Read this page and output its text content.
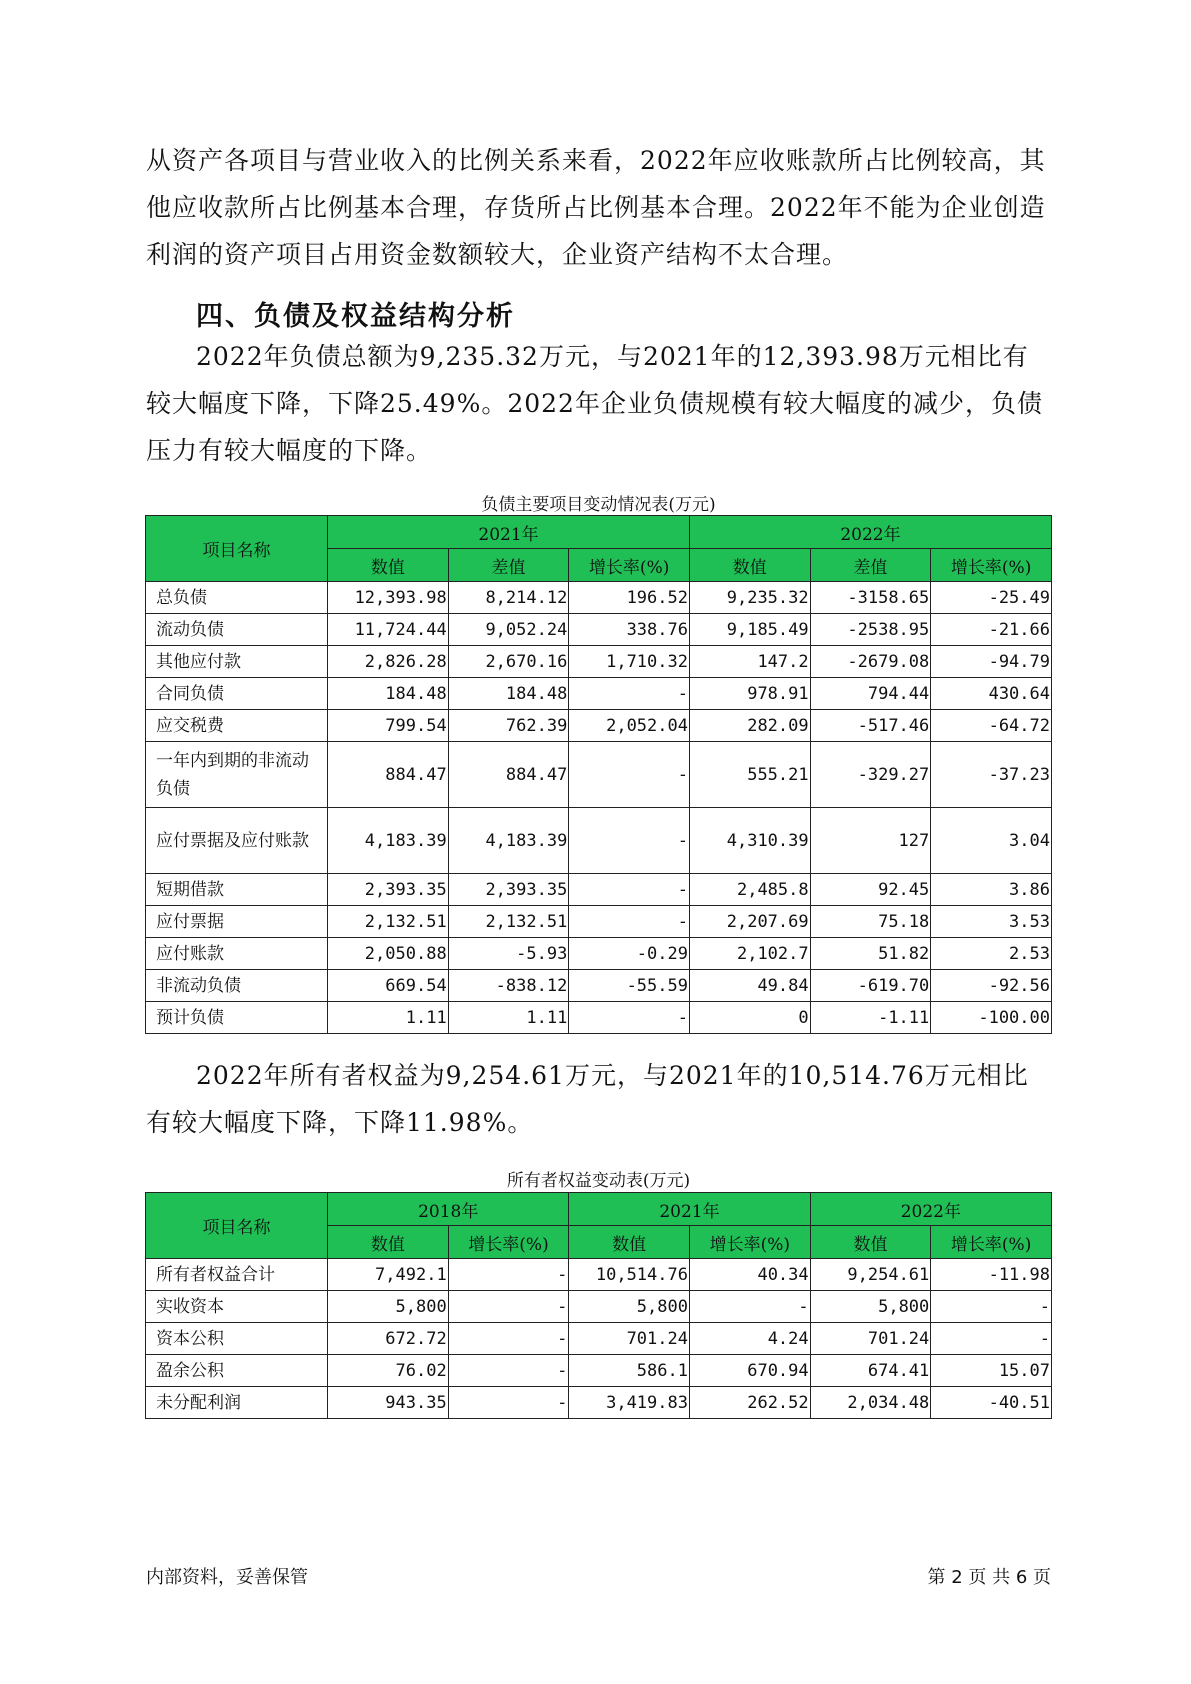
从资产各项目与营业收入的比例关系来看，2022年应收账款所占比例较高，其他应收款所占比例基本合理，存货所占比例基本合理。2022年不能为企业创造利润的资产项目占用资金数额较大，企业资产结构不太合理。

四、负债及权益结构分析

2022年负债总额为9,235.32万元，与2021年的12,393.98万元相比有较大幅度下降，下降25.49%。2022年企业负债规模有较大幅度的减少，负债压力有较大幅度的下降。

负债主要项目变动情况表(万元)

项目名称	2021年			2022年		
	数值	差值	增长率(%)	数值	差值	增长率(%)
总负债	12,393.98	8,214.12	196.52	9,235.32	-3158.65	-25.49
流动负债	11,724.44	9,052.24	338.76	9,185.49	-2538.95	-21.66
其他应付款	2,826.28	2,670.16	1,710.32	147.2	-2679.08	-94.79
合同负债	184.48	184.48	-	978.91	794.44	430.64
应交税费	799.54	762.39	2,052.04	282.09	-517.46	-64.72
一年内到期的非流动负债	884.47	884.47	-	555.21	-329.27	-37.23
应付票据及应付账款	4,183.39	4,183.39	-	4,310.39	127	3.04
短期借款	2,393.35	2,393.35	-	2,485.8	92.45	3.86
应付票据	2,132.51	2,132.51	-	2,207.69	75.18	3.53
应付账款	2,050.88	-5.93	-0.29	2,102.7	51.82	2.53
非流动负债	669.54	-838.12	-55.59	49.84	-619.70	-92.56
预计负债	1.11	1.11	-	0	-1.11	-100.00

2022年所有者权益为9,254.61万元，与2021年的10,514.76万元相比有较大幅度下降，下降11.98%。

所有者权益变动表(万元)

项目名称	2018年		2021年		2022年	
	数值	增长率(%)	数值	增长率(%)	数值	增长率(%)
所有者权益合计	7,492.1	-	10,514.76	40.34	9,254.61	-11.98
实收资本	5,800	-	5,800	-	5,800	-
资本公积	672.72	-	701.24	4.24	701.24	-
盈余公积	76.02	-	586.1	670.94	674.41	15.07
未分配利润	943.35	-	3,419.83	262.52	2,034.48	-40.51

内部资料，妥善保管	第 2 页 共 6 页
